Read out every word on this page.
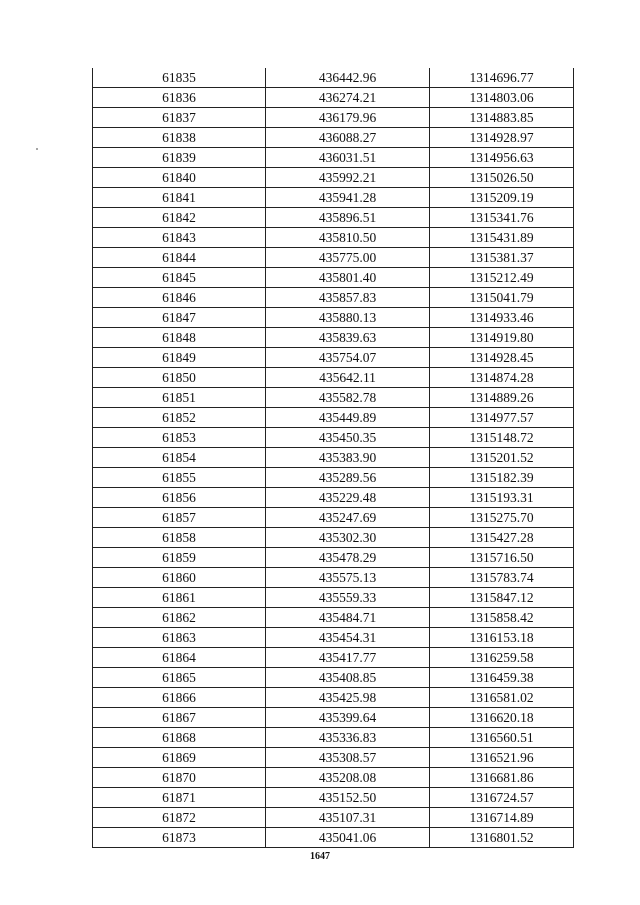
61835	436442.96	1314696.77
61836	436274.21	1314803.06
61837	436179.96	1314883.85
61838	436088.27	1314928.97
61839	436031.51	1314956.63
61840	435992.21	1315026.50
61841	435941.28	1315209.19
61842	435896.51	1315341.76
61843	435810.50	1315431.89
61844	435775.00	1315381.37
61845	435801.40	1315212.49
61846	435857.83	1315041.79
61847	435880.13	1314933.46
61848	435839.63	1314919.80
61849	435754.07	1314928.45
61850	435642.11	1314874.28
61851	435582.78	1314889.26
61852	435449.89	1314977.57
61853	435450.35	1315148.72
61854	435383.90	1315201.52
61855	435289.56	1315182.39
61856	435229.48	1315193.31
61857	435247.69	1315275.70
61858	435302.30	1315427.28
61859	435478.29	1315716.50
61860	435575.13	1315783.74
61861	435559.33	1315847.12
61862	435484.71	1315858.42
61863	435454.31	1316153.18
61864	435417.77	1316259.58
61865	435408.85	1316459.38
61866	435425.98	1316581.02
61867	435399.64	1316620.18
61868	435336.83	1316560.51
61869	435308.57	1316521.96
61870	435208.08	1316681.86
61871	435152.50	1316724.57
61872	435107.31	1316714.89
61873	435041.06	1316801.52
1647
